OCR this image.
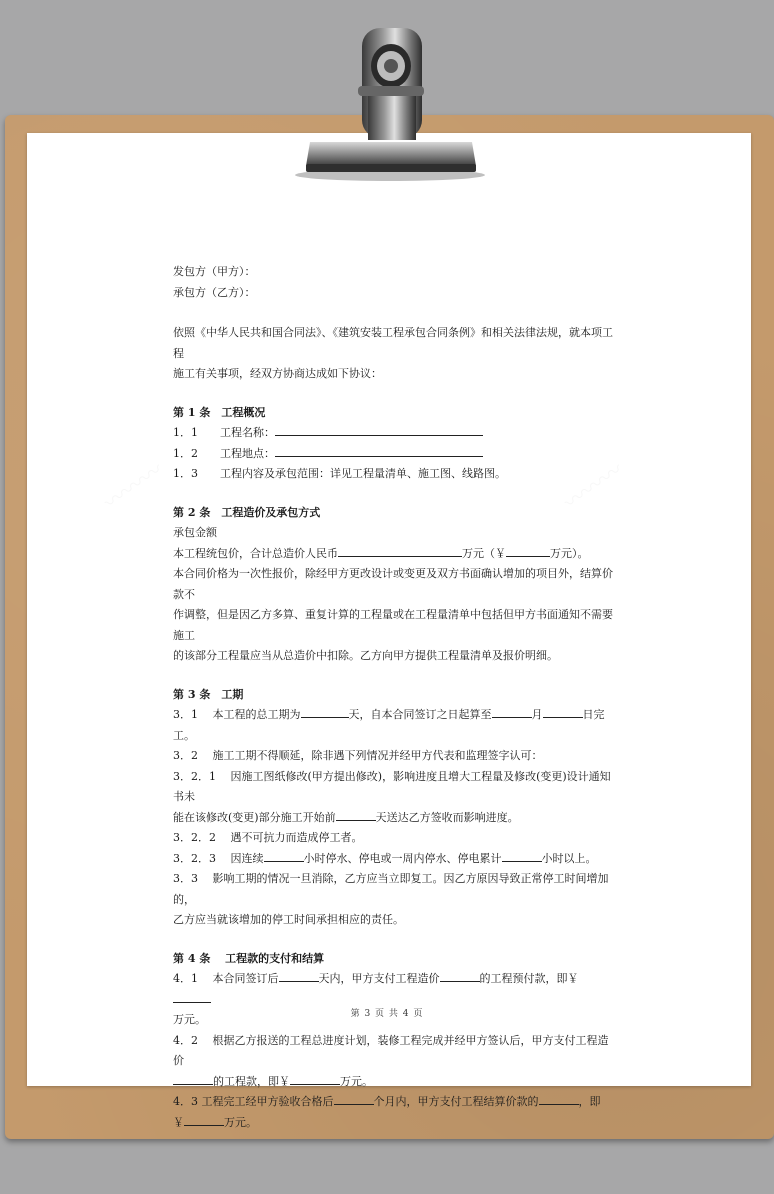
〰〰〰	〰〰〰

发包方（甲方）：

承包方（乙方）：

依照《中华人民共和国合同法》、《建筑安装工程承包合同条例》和相关法律法规，就本项工程

施工有关事项，经双方协商达成如下协议：

第 1 条　工程概况

1．1　　工程名称：

1．2　　工程地点：

1．3　　工程内容及承包范围：详见工程量清单、施工图、线路图。

第 2 条　工程造价及承包方式

承包金额

本工程统包价，合计总造价人民币	万元（￥	万元）。

本合同价格为一次性报价，除经甲方更改设计或变更及双方书面确认增加的项目外，结算价款不

作调整，但是因乙方多算、重复计算的工程量或在工程量清单中包括但甲方书面通知不需要施工

的该部分工程量应当从总造价中扣除。乙方向甲方提供工程量清单及报价明细。

第 3 条　工期

3．1　 本工程的总工期为	天，自本合同签订之日起算至	月	日完工。

3．2　 施工工期不得顺延，除非遇下列情况并经甲方代表和监理签字认可：

3．2．1　 因施工图纸修改(甲方提出修改)，影响进度且增大工程量及修改(变更)设计通知书未

能在该修改(变更)部分施工开始前	天送达乙方签收而影响进度。

3．2．2　 遇不可抗力而造成停工者。

3．2．3　 因连续	小时停水、停电或一周内停水、停电累计	小时以上。

3．3　 影响工期的情况一旦消除，乙方应当立即复工。因乙方原因导致正常停工时间增加的，

乙方应当就该增加的停工时间承担相应的责任。

第 4 条　 工程款的支付和结算

4．1　 本合同签订后	天内，甲方支付工程造价	的工程预付款，即￥

万元。

4．2　 根据乙方报送的工程总进度计划，装修工程完成并经甲方签认后，甲方支付工程造价

的工程款，即￥	万元。

4．3 工程完工经甲方验收合格后	个月内，甲方支付工程结算价款的	，即

￥	万元。

第 3 页 共 4 页
